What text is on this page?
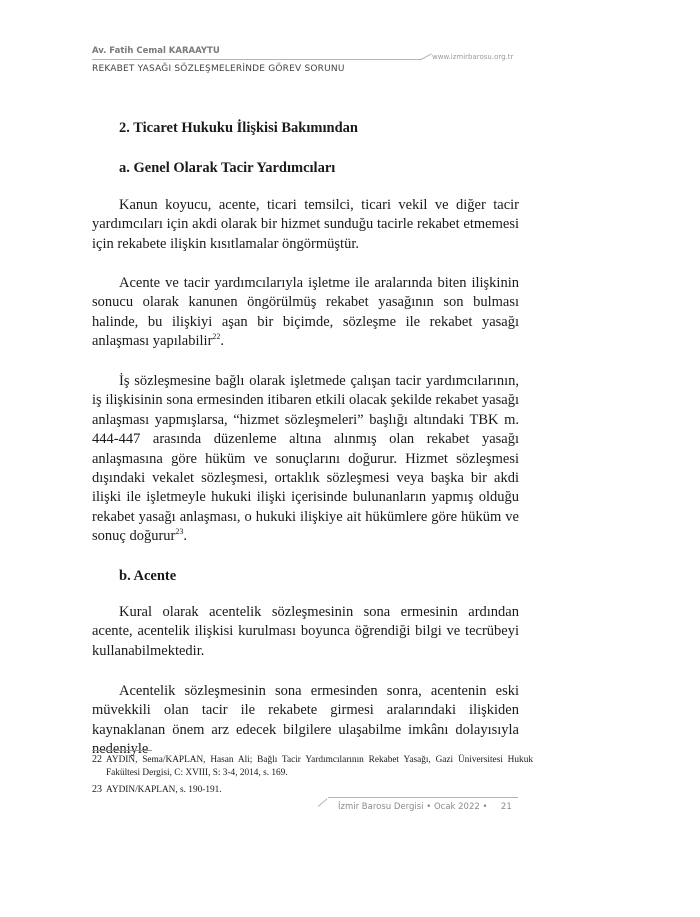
Av. Fatih Cemal KARAAYTU
www.izmirbarosu.org.tr
REKABET YASAĞI SÖZLEŞMELERİNDE GÖREV SORUNU
2. Ticaret Hukuku İlişkisi Bakımından
a. Genel Olarak Tacir Yardımcıları

Kanun koyucu, acente, ticari temsilci, ticari vekil ve diğer tacir yardımcıları için akdi olarak bir hizmet sunduğu tacirle rekabet etmemesi için rekabete ilişkin kısıtlamalar öngörmüştür.

Acente ve tacir yardımcılarıyla işletme ile aralarında biten ilişkinin sonucu olarak kanunen öngörülmüş rekabet yasağının son bulması halinde, bu ilişkiyi aşan bir biçimde, sözleşme ile rekabet yasağı anlaşması yapılabilir$^{22}$.

İş sözleşmesine bağlı olarak işletmede çalışan tacir yardımcılarının, iş ilişkisinin sona ermesinden itibaren etkili olacak şekilde rekabet yasağı anlaşması yapmışlarsa, “hizmet sözleşmeleri” başlığı altındaki TBK m. 444-447 arasında düzenleme altına alınmış olan rekabet yasağı anlaşmasına göre hüküm ve sonuçlarını doğurur. Hizmet sözleşmesi dışındaki vekalet sözleşmesi, ortaklık sözleşmesi veya başka bir akdi ilişki ile işletmeyle hukuki ilişki içerisinde bulunanların yapmış olduğu rekabet yasağı anlaşması, o hukuki ilişkiye ait hükümlere göre hüküm ve sonuç doğurur$^{23}$.

b. Acente

Kural olarak acentelik sözleşmesinin sona ermesinin ardından acente, acentelik ilişkisi kurulması boyunca öğrendiği bilgi ve tecrübeyi kullanabilmektedir.

Acentelik sözleşmesinin sona ermesinden sonra, acentenin eski müvekkili olan tacir ile rekabete girmesi aralarındaki ilişkiden kaynaklanan önem arz edecek bilgilere ulaşabilme imkânı dolayısıyla nedeniyle

22 AYDIN, Sema/KAPLAN, Hasan Ali; Bağlı Tacir Yardımcılarının Rekabet Yasağı, Gazi Üniversitesi Hukuk Fakültesi Dergisi, C: XVIII, S: 3-4, 2014, s. 169.

23 AYDIN/KAPLAN, s. 190-191.

İzmir Barosu Dergisi • Ocak 2022 • 21
